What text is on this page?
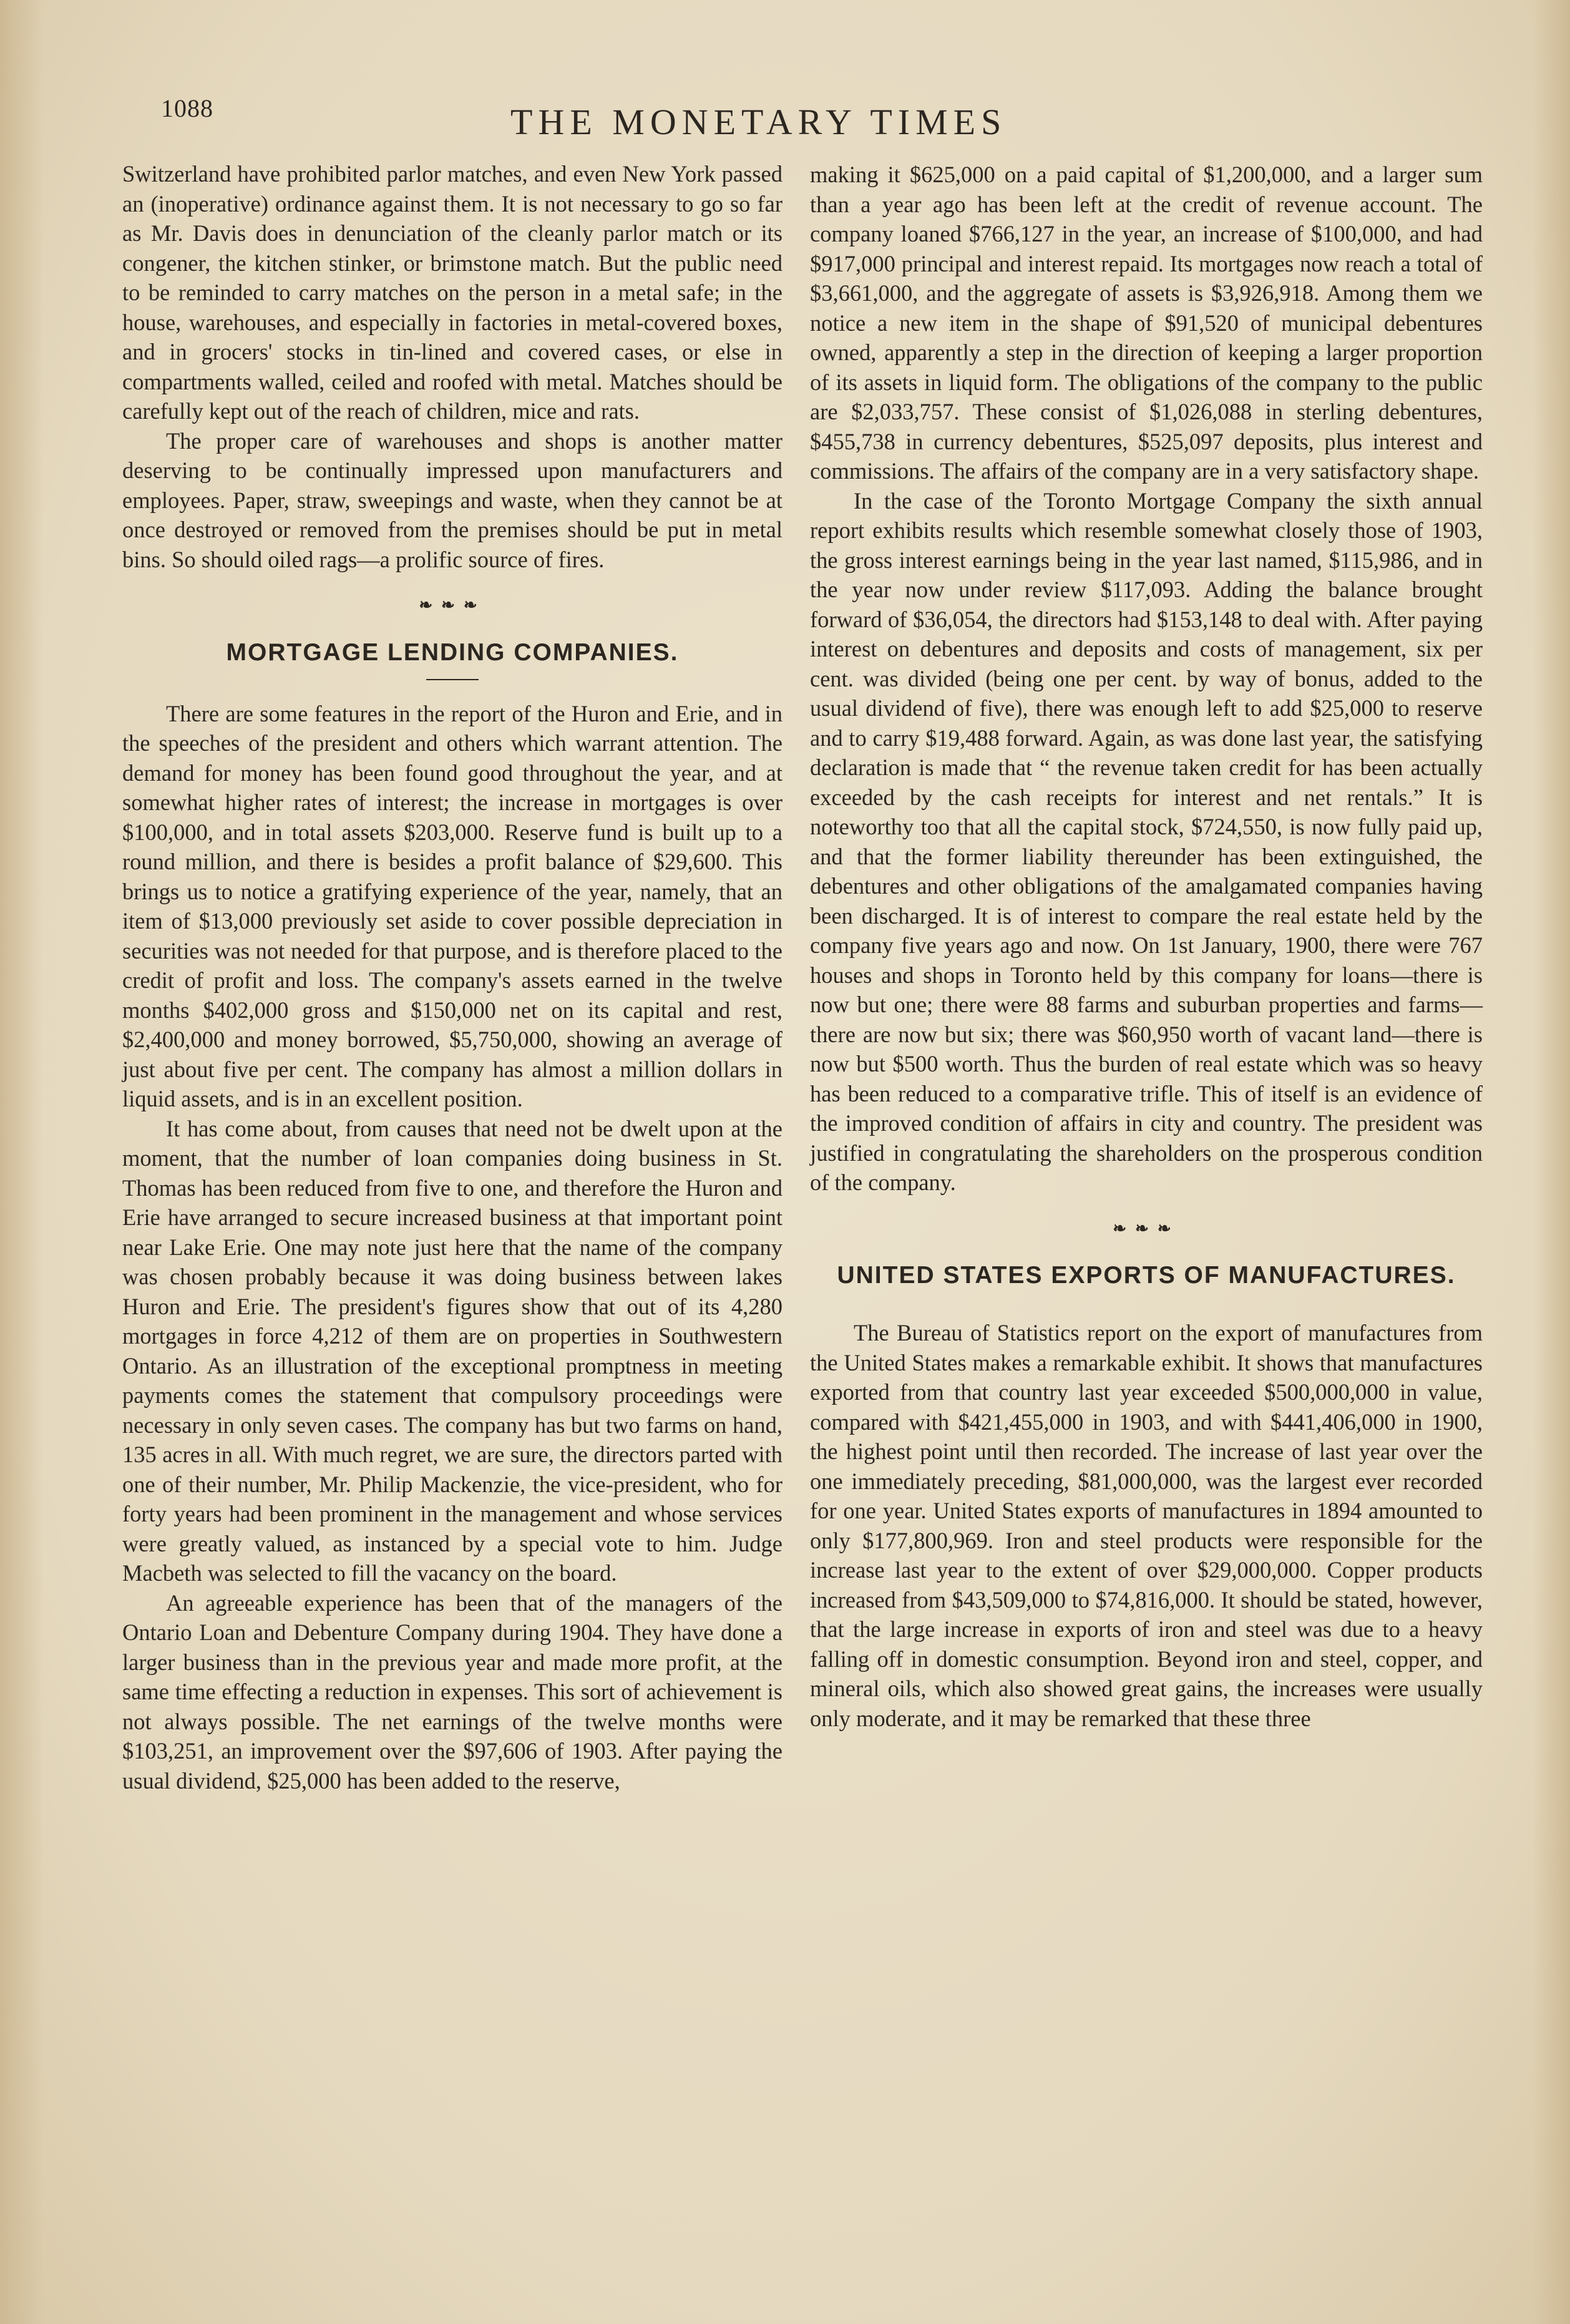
1088	THE MONETARY TIMES

Switzerland have prohibited parlor matches, and even New York passed an (inoperative) ordinance against them. It is not necessary to go so far as Mr. Davis does in denunciation of the cleanly parlor match or its congener, the kitchen stinker, or brimstone match. But the public need to be reminded to carry matches on the person in a metal safe; in the house, warehouses, and especially in factories in metal-covered boxes, and in grocers' stocks in tin-lined and covered cases, or else in compartments walled, ceiled and roofed with metal. Matches should be carefully kept out of the reach of children, mice and rats.

The proper care of warehouses and shops is another matter deserving to be continually impressed upon manufacturers and employees. Paper, straw, sweepings and waste, when they cannot be at once destroyed or removed from the premises should be put in metal bins. So should oiled rags—a prolific source of fires.

❧❧❧
MORTGAGE LENDING COMPANIES.

There are some features in the report of the Huron and Erie, and in the speeches of the president and others which warrant attention. The demand for money has been found good throughout the year, and at somewhat higher rates of interest; the increase in mortgages is over $100,000, and in total assets $203,000. Reserve fund is built up to a round million, and there is besides a profit balance of $29,600. This brings us to notice a gratifying experience of the year, namely, that an item of $13,000 previously set aside to cover possible depreciation in securities was not needed for that purpose, and is therefore placed to the credit of profit and loss. The company's assets earned in the twelve months $402,000 gross and $150,000 net on its capital and rest, $2,400,000 and money borrowed, $5,750,000, showing an average of just about five per cent. The company has almost a million dollars in liquid assets, and is in an excellent position.

It has come about, from causes that need not be dwelt upon at the moment, that the number of loan companies doing business in St. Thomas has been reduced from five to one, and therefore the Huron and Erie have arranged to secure increased business at that important point near Lake Erie. One may note just here that the name of the company was chosen probably because it was doing business between lakes Huron and Erie. The president's figures show that out of its 4,280 mortgages in force 4,212 of them are on properties in Southwestern Ontario. As an illustration of the exceptional promptness in meeting payments comes the statement that compulsory proceedings were necessary in only seven cases. The company has but two farms on hand, 135 acres in all. With much regret, we are sure, the directors parted with one of their number, Mr. Philip Mackenzie, the vice-president, who for forty years had been prominent in the management and whose services were greatly valued, as instanced by a special vote to him. Judge Macbeth was selected to fill the vacancy on the board.

An agreeable experience has been that of the managers of the Ontario Loan and Debenture Company during 1904. They have done a larger business than in the previous year and made more profit, at the same time effecting a reduction in expenses. This sort of achievement is not always possible. The net earnings of the twelve months were $103,251, an improvement over the $97,606 of 1903. After paying the usual dividend, $25,000 has been added to the reserve,

making it $625,000 on a paid capital of $1,200,000, and a larger sum than a year ago has been left at the credit of revenue account. The company loaned $766,127 in the year, an increase of $100,000, and had $917,000 principal and interest repaid. Its mortgages now reach a total of $3,661,000, and the aggregate of assets is $3,926,918. Among them we notice a new item in the shape of $91,520 of municipal debentures owned, apparently a step in the direction of keeping a larger proportion of its assets in liquid form. The obligations of the company to the public are $2,033,757. These consist of $1,026,088 in sterling debentures, $455,738 in currency debentures, $525,097 deposits, plus interest and commissions. The affairs of the company are in a very satisfactory shape.

In the case of the Toronto Mortgage Company the sixth annual report exhibits results which resemble somewhat closely those of 1903, the gross interest earnings being in the year last named, $115,986, and in the year now under review $117,093. Adding the balance brought forward of $36,054, the directors had $153,148 to deal with. After paying interest on debentures and deposits and costs of management, six per cent. was divided (being one per cent. by way of bonus, added to the usual dividend of five), there was enough left to add $25,000 to reserve and to carry $19,488 forward. Again, as was done last year, the satisfying declaration is made that “ the revenue taken credit for has been actually exceeded by the cash receipts for interest and net rentals.” It is noteworthy too that all the capital stock, $724,550, is now fully paid up, and that the former liability thereunder has been extinguished, the debentures and other obligations of the amalgamated companies having been discharged. It is of interest to compare the real estate held by the company five years ago and now. On 1st January, 1900, there were 767 houses and shops in Toronto held by this company for loans—there is now but one; there were 88 farms and suburban properties and farms—there are now but six; there was $60,950 worth of vacant land—there is now but $500 worth. Thus the burden of real estate which was so heavy has been reduced to a comparative trifle. This of itself is an evidence of the improved condition of affairs in city and country. The president was justified in congratulating the shareholders on the prosperous condition of the company.

❧❧❧
UNITED STATES EXPORTS OF MANUFACTURES.

The Bureau of Statistics report on the export of manufactures from the United States makes a remarkable exhibit. It shows that manufactures exported from that country last year exceeded $500,000,000 in value, compared with $421,455,000 in 1903, and with $441,406,000 in 1900, the highest point until then recorded. The increase of last year over the one immediately preceding, $81,000,000, was the largest ever recorded for one year. United States exports of manufactures in 1894 amounted to only $177,800,969. Iron and steel products were responsible for the increase last year to the extent of over $29,000,000. Copper products increased from $43,509,000 to $74,816,000. It should be stated, however, that the large increase in exports of iron and steel was due to a heavy falling off in domestic consumption. Beyond iron and steel, copper, and mineral oils, which also showed great gains, the increases were usually only moderate, and it may be remarked that these three
